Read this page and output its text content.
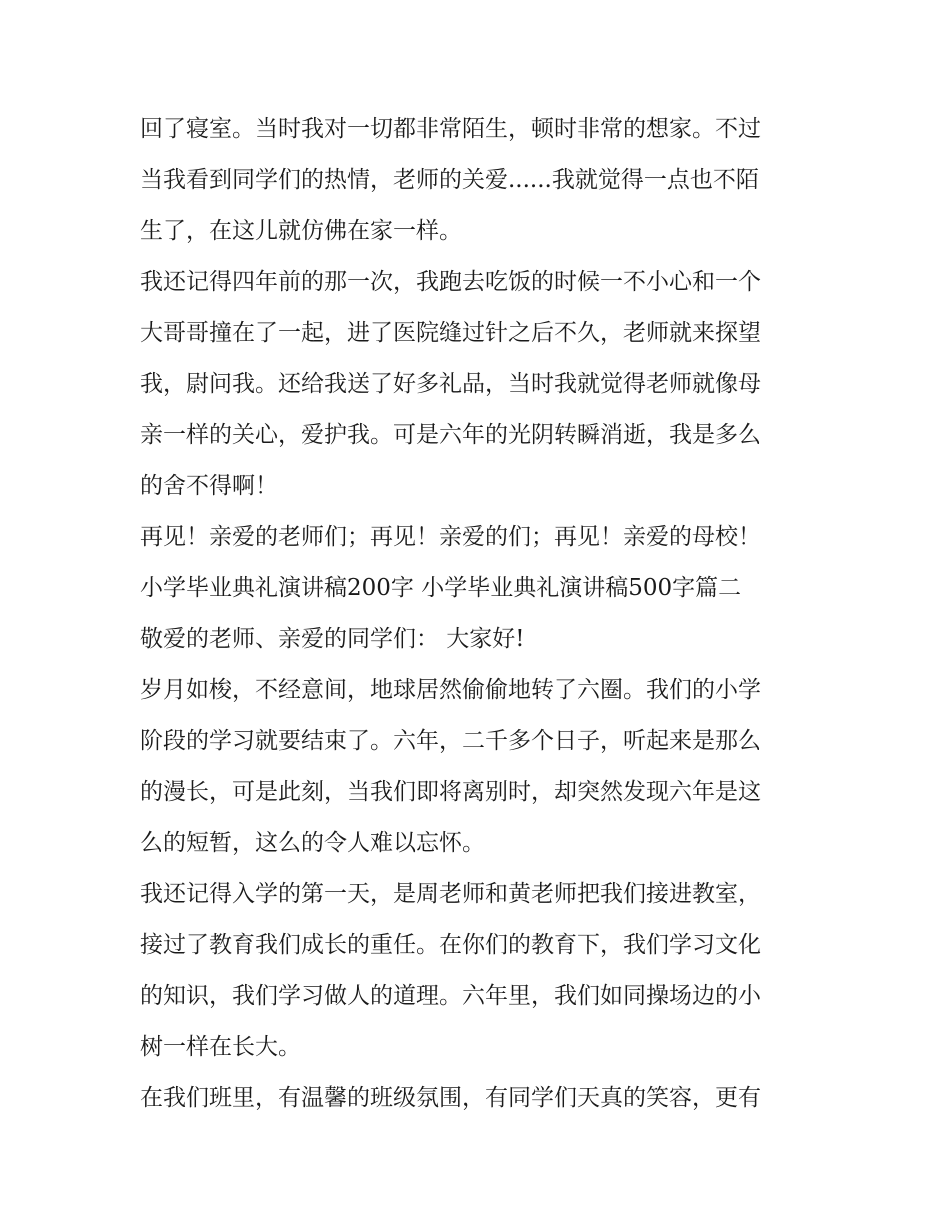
回了寝室。当时我对一切都非常陌生，顿时非常的想家。不过
当我看到同学们的热情，老师的关爱......我就觉得一点也不陌
生了，在这儿就仿佛在家一样。
我还记得四年前的那一次，我跑去吃饭的时候一不小心和一个
大哥哥撞在了一起，进了医院缝过针之后不久，老师就来探望
我，尉问我。还给我送了好多礼品，当时我就觉得老师就像母
亲一样的关心，爱护我。可是六年的光阴转瞬消逝，我是多么
的舍不得啊！
再见！亲爱的老师们；再见！亲爱的们；再见！亲爱的母校！
小学毕业典礼演讲稿200字 小学毕业典礼演讲稿500字篇二
敬爱的老师、亲爱的同学们： 大家好!
岁月如梭，不经意间，地球居然偷偷地转了六圈。我们的小学
阶段的学习就要结束了。六年，二千多个日子，听起来是那么
的漫长，可是此刻，当我们即将离别时，却突然发现六年是这
么的短暂，这么的令人难以忘怀。
我还记得入学的第一天，是周老师和黄老师把我们接进教室，
接过了教育我们成长的重任。在你们的教育下，我们学习文化
的知识，我们学习做人的道理。六年里，我们如同操场边的小
树一样在长大。
在我们班里，有温馨的班级氛围，有同学们天真的笑容，更有
